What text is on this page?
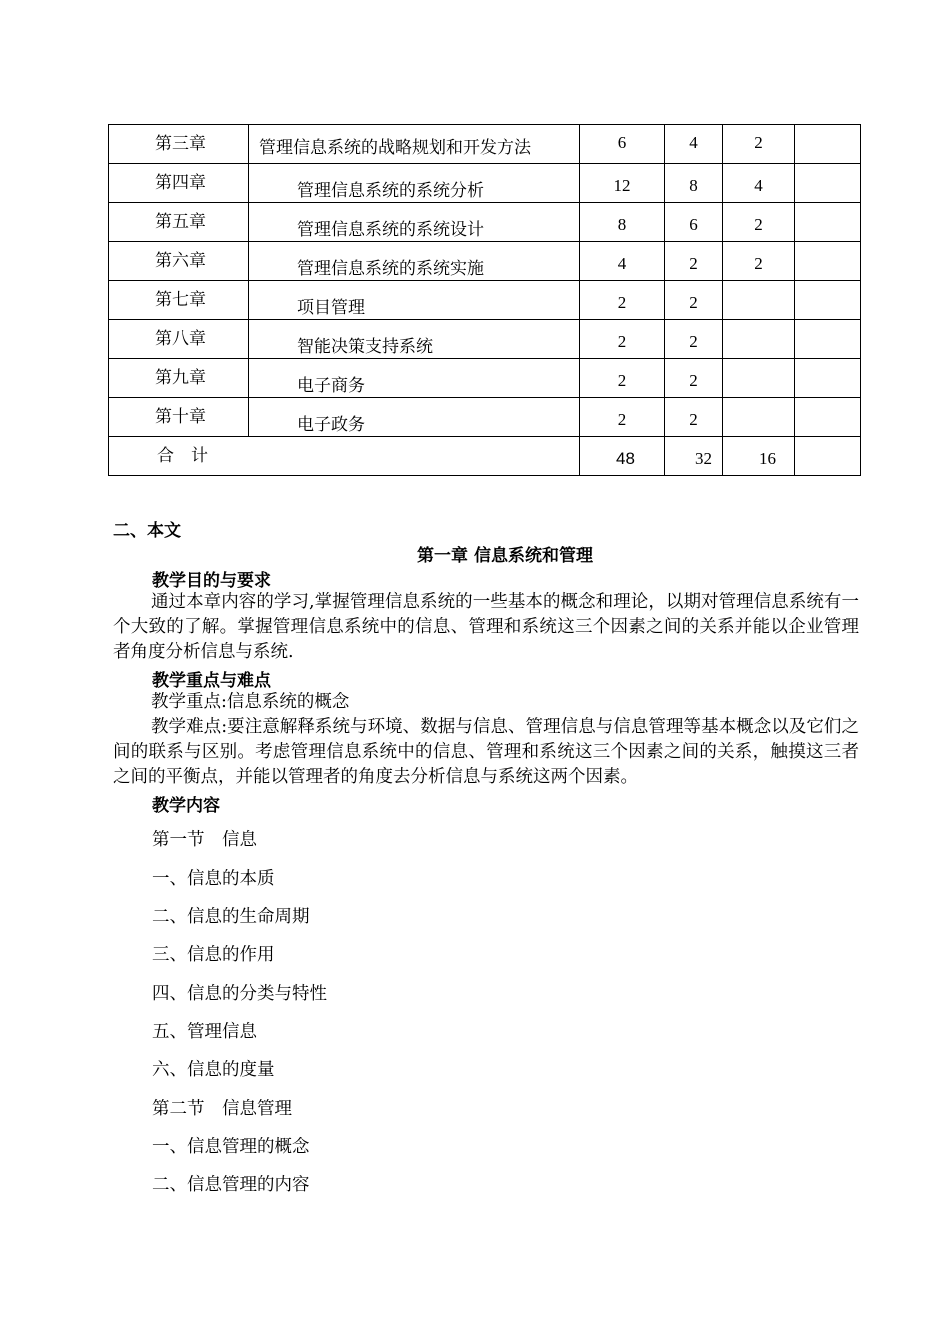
第三章	管理信息系统的战略规划和开发方法	6	4	2	

第四章	管理信息系统的系统分析	12	8	4	

第五章	管理信息系统的系统设计	8	6	2	

第六章	管理信息系统的系统实施	4	2	2	

第七章	项目管理	2	2		

第八章	智能决策支持系统	2	2		

第九章	电子商务	2	2		

第十章	电子政务	2	2		

合　计		48	32	16	

二、本文
第一章 信息系统和管理
教学目的与要求

通过本章内容的学习,掌握管理信息系统的一些基本的概念和理论，以期对管理信息系统有一个大致的了解。掌握管理信息系统中的信息、管理和系统这三个因素之间的关系并能以企业管理者角度分析信息与系统.

教学重点与难点

教学重点:信息系统的概念

教学难点:要注意解释系统与环境、数据与信息、管理信息与信息管理等基本概念以及它们之间的联系与区别。考虑管理信息系统中的信息、管理和系统这三个因素之间的关系，触摸这三者之间的平衡点，并能以管理者的角度去分析信息与系统这两个因素。

教学内容
第一节　信息
一、信息的本质
二、信息的生命周期
三、信息的作用
四、信息的分类与特性
五、管理信息
六、信息的度量
第二节　信息管理
一、信息管理的概念
二、信息管理的内容
